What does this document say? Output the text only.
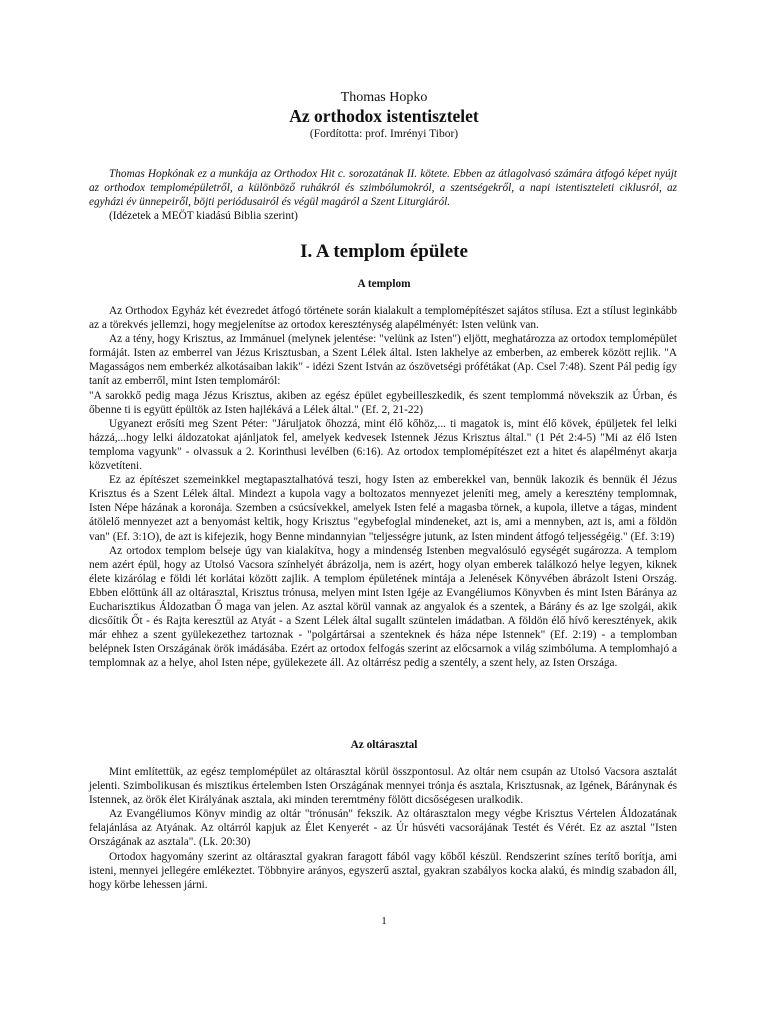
Thomas Hopko
Az orthodox istentisztelet
(Fordította: prof. Imrényi Tibor)

Thomas Hopkónak ez a munkája az Orthodox Hit c. sorozatának II. kötete. Ebben az átlagolvasó számára átfogó képet nyújt az orthodox templomépületről, a különböző ruhákról és szimbólumokról, a szentségekről, a napi istentiszteleti ciklusról, az egyházi év ünnepeiről, böjti periódusairól és végül magáról a Szent Liturgiáról.

(Idézetek a MEÖT kiadású Biblia szerint)

I. A templom épülete
A templom

Az Orthodox Egyház két évezredet átfogó története során kialakult a templomépítészet sajátos stílusa. Ezt a stílust leginkább az a törekvés jellemzi, hogy megjelenítse az ortodox kereszténység alapélményét: Isten velünk van.

Az a tény, hogy Krisztus, az Immánuel (melynek jelentése: "velünk az Isten") eljött, meghatározza az ortodox templomépület formáját. Isten az emberrel van Jézus Krisztusban, a Szent Lélek által. Isten lakhelye az emberben, az emberek között rejlik. "A Magasságos nem emberkéz alkotásaiban lakik" - idézi Szent István az ószövetségi prófétákat (Ap. Csel 7:48). Szent Pál pedig így tanít az emberről, mint Isten templomáról:

"A sarokkő pedig maga Jézus Krisztus, akiben az egész épület egybeilleszkedik, és szent templommá növekszik az Úrban, és őbenne ti is együtt épültök az Isten hajlékává a Lélek által." (Ef. 2, 21-22)

Ugyanezt erősíti meg Szent Péter: "Járuljatok őhozzá, mint élő kőhöz,... ti magatok is, mint élő kövek, épüljetek fel lelki házzá,...hogy lelki áldozatokat ajánljatok fel, amelyek kedvesek Istennek Jézus Krisztus által." (1 Pét 2:4-5) "Mi az élő Isten temploma vagyunk" - olvassuk a 2. Korinthusi levélben (6:16). Az ortodox templomépítészet ezt a hitet és alapélményt akarja közvetíteni.

Ez az építészet szemeinkkel megtapasztalhatóvá teszi, hogy Isten az emberekkel van, bennük lakozik és bennük él Jézus Krisztus és a Szent Lélek által. Mindezt a kupola vagy a boltozatos mennyezet jeleníti meg, amely a keresztény templomnak, Isten Népe házának a koronája. Szemben a csúcsívekkel, amelyek Isten felé a magasba törnek, a kupola, illetve a tágas, mindent átölelő mennyezet azt a benyomást keltik, hogy Krisztus "egybefoglal mindeneket, azt is, ami a mennyben, azt is, ami a földön van" (Ef. 3:1O), de azt is kifejezik, hogy Benne mindannyian "teljességre jutunk, az Isten mindent átfogó teljességéig." (Ef. 3:19)

Az ortodox templom belseje úgy van kialakítva, hogy a mindenség Istenben megvalósuló egységét sugározza. A templom nem azért épül, hogy az Utolsó Vacsora színhelyét ábrázolja, nem is azért, hogy olyan emberek találkozó helye legyen, kiknek élete kizárólag e földi lét korlátai között zajlik. A templom épületének mintája a Jelenések Könyvében ábrázolt Isteni Ország. Ebben előttünk áll az oltárasztal, Krisztus trónusa, melyen mint Isten Igéje az Evangéliumos Könyvben és mint Isten Báránya az Eucharisztikus Áldozatban Ő maga van jelen. Az asztal körül vannak az angyalok és a szentek, a Bárány és az Ige szolgái, akik dicsőítik Őt - és Rajta keresztül az Atyát - a Szent Lélek által sugallt szüntelen imádatban. A földön élő hívő keresztények, akik már ehhez a szent gyülekezethez tartoznak - "polgártársai a szenteknek és háza népe Istennek" (Ef. 2:19) - a templomban belépnek Isten Országának örök imádásába. Ezért az ortodox felfogás szerint az előcsarnok a világ szimbóluma. A templomhajó a templomnak az a helye, ahol Isten népe, gyülekezete áll. Az oltárrész pedig a szentély, a szent hely, az Isten Országa.

Az oltárasztal

Mint említettük, az egész templomépület az oltárasztal körül összpontosul. Az oltár nem csupán az Utolsó Vacsora asztalát jelenti. Szimbolikusan és misztikus értelemben Isten Országának mennyei trónja és asztala, Krisztusnak, az Igének, Báránynak és Istennek, az örök élet Királyának asztala, aki minden teremtmény fölött dicsőségesen uralkodik.

Az Evangéliumos Könyv mindig az oltár "trónusán" fekszik. Az oltárasztalon megy végbe Krisztus Vértelen Áldozatának felajánlása az Atyának. Az oltárról kapjuk az Élet Kenyerét - az Úr húsvéti vacsorájának Testét és Vérét. Ez az asztal "Isten Országának az asztala". (Lk. 20:30)

Ortodox hagyomány szerint az oltárasztal gyakran faragott fából vagy kőből készül. Rendszerint színes terítő borítja, ami isteni, mennyei jellegére emlékeztet. Többnyire arányos, egyszerű asztal, gyakran szabályos kocka alakú, és mindig szabadon áll, hogy körbe lehessen járni.

1
